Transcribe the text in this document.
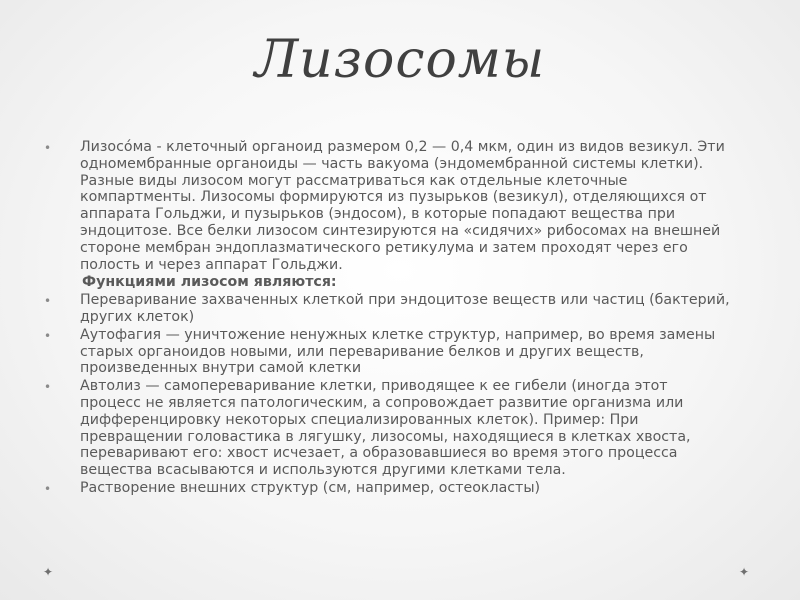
Лизосомы
• Лизосóма - клеточный органоид размером 0,2 — 0,4 мкм, один из видов везикул. Эти одномембранные органоиды — часть вакуома (эндомембранной системы клетки). Разные виды лизосом могут рассматриваться как отдельные клеточные компартменты. Лизосомы формируются из пузырьков (везикул), отделяющихся от аппарата Гольджи, и пузырьков (эндосом), в которые попадают вещества при эндоцитозе. Все белки лизосом синтезируются на «сидячих» рибосомах на внешней стороне мембран эндоплазматического ретикулума и затем проходят через его полость и через аппарат Гольджи.
Функциями лизосом являются:
• Переваривание захваченных клеткой при эндоцитозе веществ или частиц (бактерий, других клеток)
• Аутофагия — уничтожение ненужных клетке структур, например, во время замены старых органоидов новыми, или переваривание белков и других веществ, произведенных внутри самой клетки
• Автолиз — самопереваривание клетки, приводящее к ее гибели (иногда этот процесс не является патологическим, а сопровождает развитие организма или дифференцировку некоторых специализированных клеток). Пример: При превращении головастика в лягушку, лизосомы, находящиеся в клетках хвоста, переваривают его: хвост исчезает, а образовавшиеся во время этого процесса вещества всасываются и используются другими клетками тела.
• Растворение внешних структур (см, например, остеокласты)
✦	✦
